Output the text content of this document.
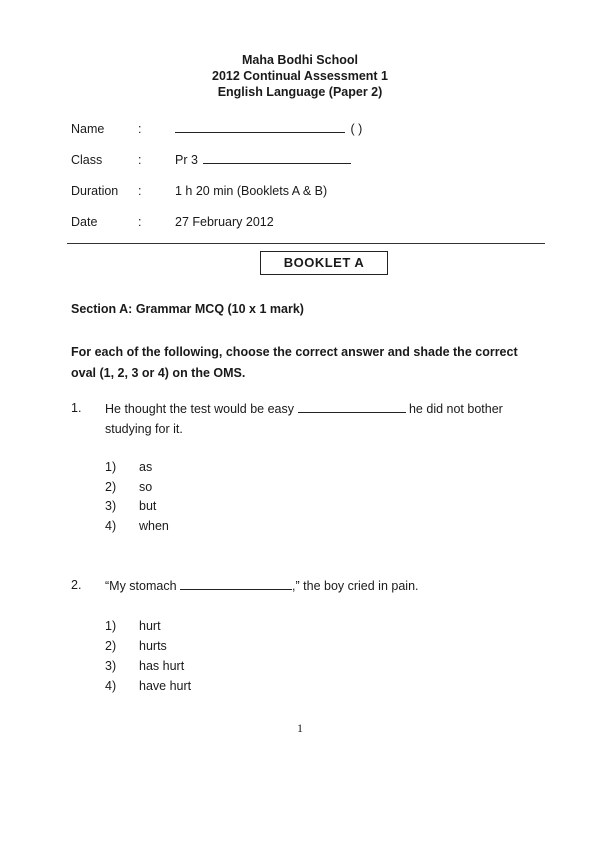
Maha Bodhi School
2012 Continual Assessment 1
English Language (Paper 2)
Name	:	( )
Class	:	Pr 3
Duration	:	1 h 20 min (Booklets A & B)
Date	:	27 February 2012
BOOKLET A
Section A: Grammar MCQ (10 x 1 mark)
For each of the following, choose the correct answer and shade the correct oval (1, 2, 3 or 4) on the OMS.
1. He thought the test would be easy	he did not bother studying for it.
1) as
2) so
3) but
4) when
2. “My stomach	,” the boy cried in pain.
1) hurt
2) hurts
3) has hurt
4) have hurt
1
